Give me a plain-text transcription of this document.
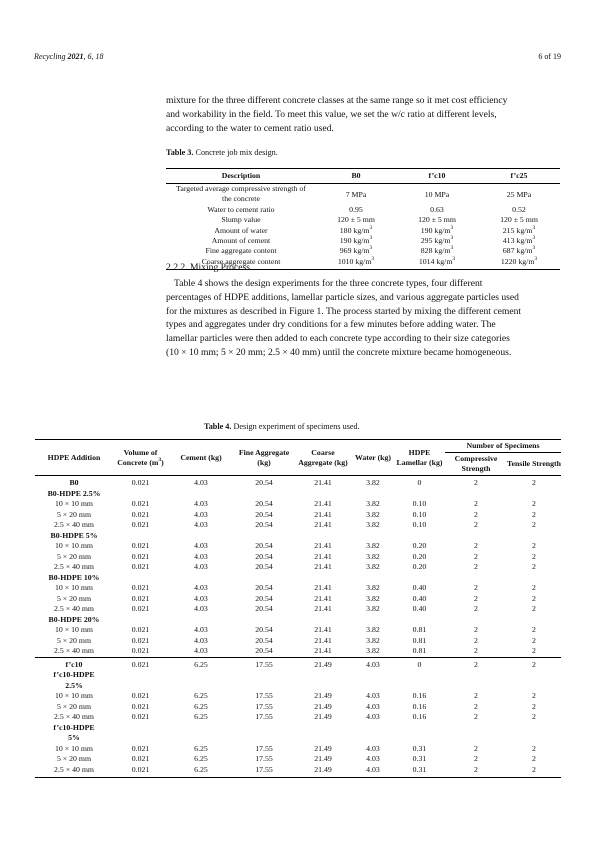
Recycling 2021, 6, 18	6 of 19
mixture for the three different concrete classes at the same range so it met cost efficiency
and workability in the field. To meet this value, we set the w/c ratio at different levels,
according to the water to cement ratio used.
Table 3. Concrete job mix design.
Description	B0	f’c10	f’c25
Targeted average compressive strength of the concrete	7 MPa	10 MPa	25 MPa
Water to cement ratio	0.95	0.63	0.52
Slump value	120 ± 5 mm	120 ± 5 mm	120 ± 5 mm
Amount of water	180 $kg/m^3$	190 $kg/m^3$	215 $kg/m^3$
Amount of cement	190 $kg/m^3$	295 $kg/m^3$	413 $kg/m^3$
Fine aggregate content	969 $kg/m^3$	828 $kg/m^3$	687 $kg/m^3$
Coarse aggregate content	1010 $kg/m^3$	1014 $kg/m^3$	1220 $kg/m^3$
2.2.2. Mixing Process
Table 4 shows the design experiments for the three concrete types, four different
percentages of HDPE additions, lamellar particle sizes, and various aggregate particles used
for the mixtures as described in Figure 1. The process started by mixing the different cement
types and aggregates under dry conditions for a few minutes before adding water. The
lamellar particles were then added to each concrete type according to their size categories
(10 × 10 mm; 5 × 20 mm; 2.5 × 40 mm) until the concrete mixture became homogeneous.
Table 4. Design experiment of specimens used.
HDPE Addition	Volume of Concrete $(m^3)$	Cement (kg)	Fine Aggregate (kg)	Coarse Aggregate (kg)	Water (kg)	HDPE Lamellar (kg)	Number of Specimens	
							Compressive Strength	Tensile Strength
B0	0.021	4.03	20.54	21.41	3.82	0	2	2
B0-HDPE 2.5%								
10 × 10 mm	0.021	4.03	20.54	21.41	3.82	0.10	2	2
5 × 20 mm	0.021	4.03	20.54	21.41	3.82	0.10	2	2
2.5 × 40 mm	0.021	4.03	20.54	21.41	3.82	0.10	2	2
B0-HDPE 5%								
10 × 10 mm	0.021	4.03	20.54	21.41	3.82	0.20	2	2
5 × 20 mm	0.021	4.03	20.54	21.41	3.82	0.20	2	2
2.5 × 40 mm	0.021	4.03	20.54	21.41	3.82	0.20	2	2
B0-HDPE 10%								
10 × 10 mm	0.021	4.03	20.54	21.41	3.82	0.40	2	2
5 × 20 mm	0.021	4.03	20.54	21.41	3.82	0.40	2	2
2.5 × 40 mm	0.021	4.03	20.54	21.41	3.82	0.40	2	2
B0-HDPE 20%								
10 × 10 mm	0.021	4.03	20.54	21.41	3.82	0.81	2	2
5 × 20 mm	0.021	4.03	20.54	21.41	3.82	0.81	2	2
2.5 × 40 mm	0.021	4.03	20.54	21.41	3.82	0.81	2	2
f’c10	0.021	6.25	17.55	21.49	4.03	0	2	2
f’c10-HDPE								
2.5%								
10 × 10 mm	0.021	6.25	17.55	21.49	4.03	0.16	2	2
5 × 20 mm	0.021	6.25	17.55	21.49	4.03	0.16	2	2
2.5 × 40 mm	0.021	6.25	17.55	21.49	4.03	0.16	2	2
f’c10-HDPE								
5%								
10 × 10 mm	0.021	6.25	17.55	21.49	4.03	0.31	2	2
5 × 20 mm	0.021	6.25	17.55	21.49	4.03	0.31	2	2
2.5 × 40 mm	0.021	6.25	17.55	21.49	4.03	0.31	2	2
